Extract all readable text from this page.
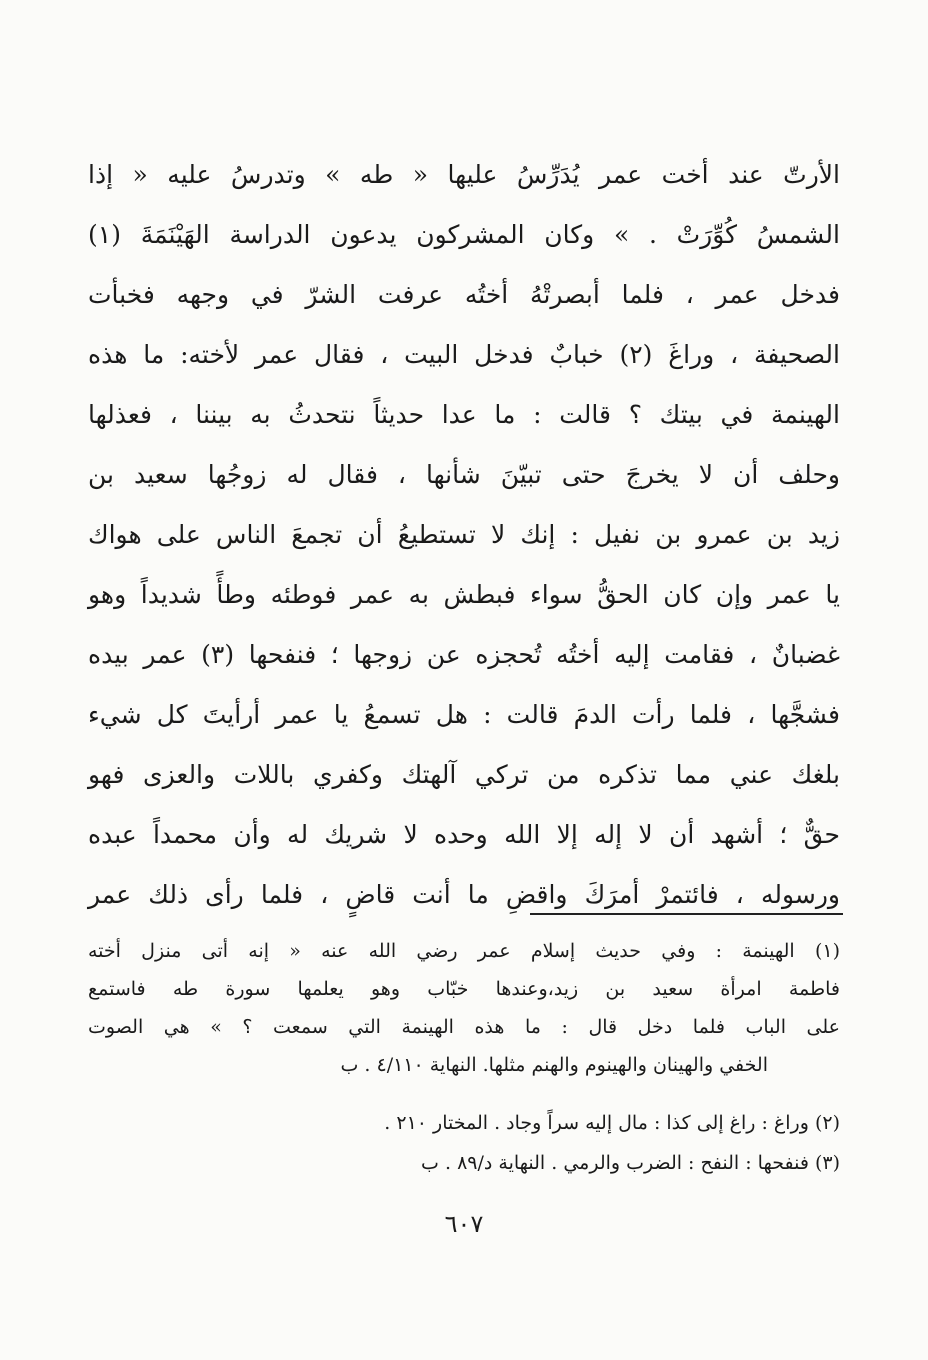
الأرتّ عند أخت عمر يُدَرِّسُ عليها « طه » وتدرسُ عليه « إذا
الشمسُ كُوِّرَتْ . » وكان المشركون يدعون الدراسة الهَيْنَمَةَ (١)
فدخل عمر ، فلما أبصرتْهُ أختُه عرفت الشرّ في وجهه فخبأت
الصحيفة ، وراغَ (٢) خبابٌ فدخل البيت ، فقال عمر لأخته: ما هذه
الهينمة في بيتك ؟ قالت : ما عدا حديثاً نتحدثُ به بيننا ، فعذلها
وحلف أن لا يخرجَ حتى تبيّنَ شأنها ، فقال له زوجُها سعيد بن
زيد بن عمرو بن نفيل : إنك لا تستطيعُ أن تجمعَ الناس على هواك
يا عمر وإن كان الحقُّ سواء فبطش به عمر فوطئه وطأً شديداً وهو
غضبانٌ ، فقامت إليه أختُه تُحجزه عن زوجها ؛ فنفحها (٣) عمر بيده
فشجَّها ، فلما رأت الدمَ قالت : هل تسمعُ يا عمر أرأيتَ كل شيء
بلغك عني مما تذكره من تركي آلهتك وكفري باللات والعزى فهو
حقٌّ ؛ أشهد أن لا إله إلا الله وحده لا شريك له وأن محمداً عبده
ورسوله ، فائتمرْ أمرَكَ واقضِ ما أنت قاضٍ ، فلما رأى ذلك عمر
(١) الهينمة : وفي حديث إسلام عمر رضي الله عنه « إنه أتى منزل أخته
فاطمة امرأة سعيد بن زيد،وعندها خبّاب وهو يعلمها سورة طه فاستمع
على الباب فلما دخل قال : ما هذه الهينمة التي سمعت ؟ » هي الصوت
الخفي والهينان والهينوم والهنم مثلها. النهاية ٤/١١٠ . ب
(٢) وراغ : راغ إلى كذا : مال إليه سراً وجاد . المختار ٢١٠ .
(٣) فنفحها : النفح : الضرب والرمي . النهاية د/٨٩ . ب
٦٠٧
